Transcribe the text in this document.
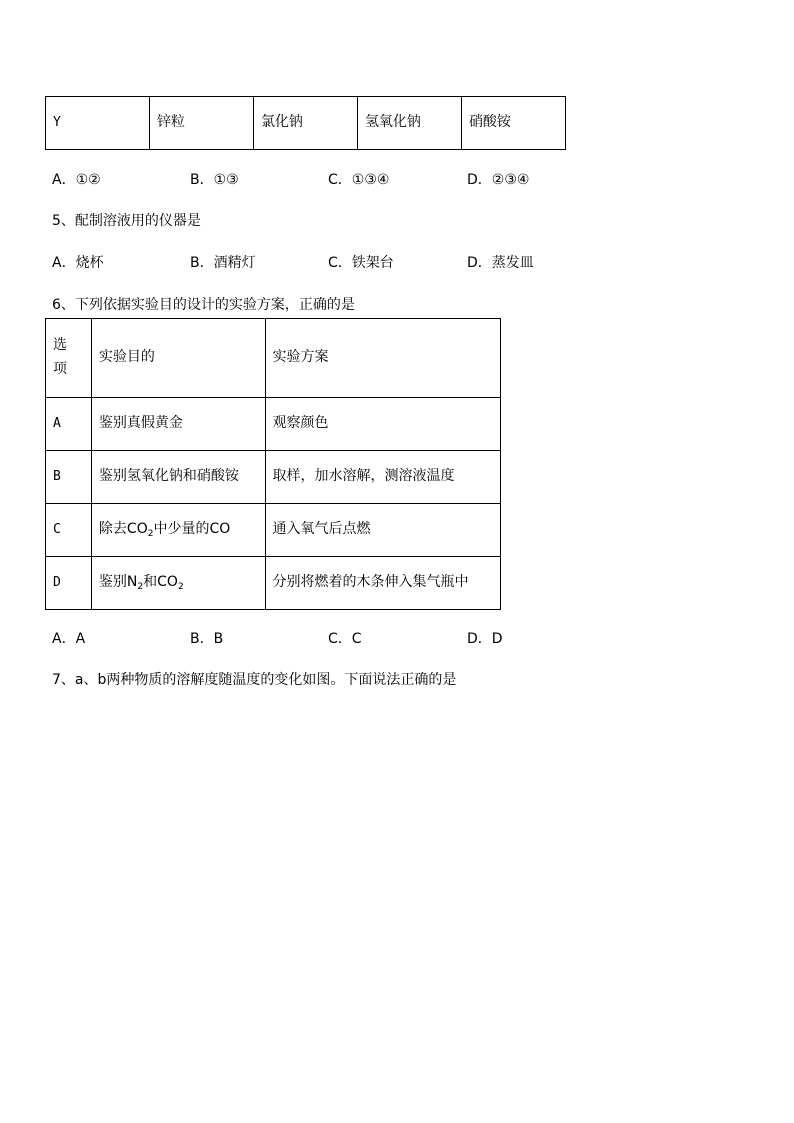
Y	锌粒	氯化钠	氢氧化钠	硝酸铵
A．①②	B．①③	C．①③④	D．②③④
5、配制溶液用的仪器是
A．烧杯	B．酒精灯	C．铁架台	D．蒸发皿
6、下列依据实验目的设计的实验方案，正确的是
选
项	实验目的	实验方案
A	鉴别真假黄金	观察颜色
B	鉴别氢氧化钠和硝酸铵	取样，加水溶解，测溶液温度
C	除去$CO_2$中少量的CO	通入氧气后点燃
D	鉴别$N_2$和$CO_2$	分别将燃着的木条伸入集气瓶中
A．A	B．B	C．C	D．D
7、a、b两种物质的溶解度随温度的变化如图。下面说法正确的是
